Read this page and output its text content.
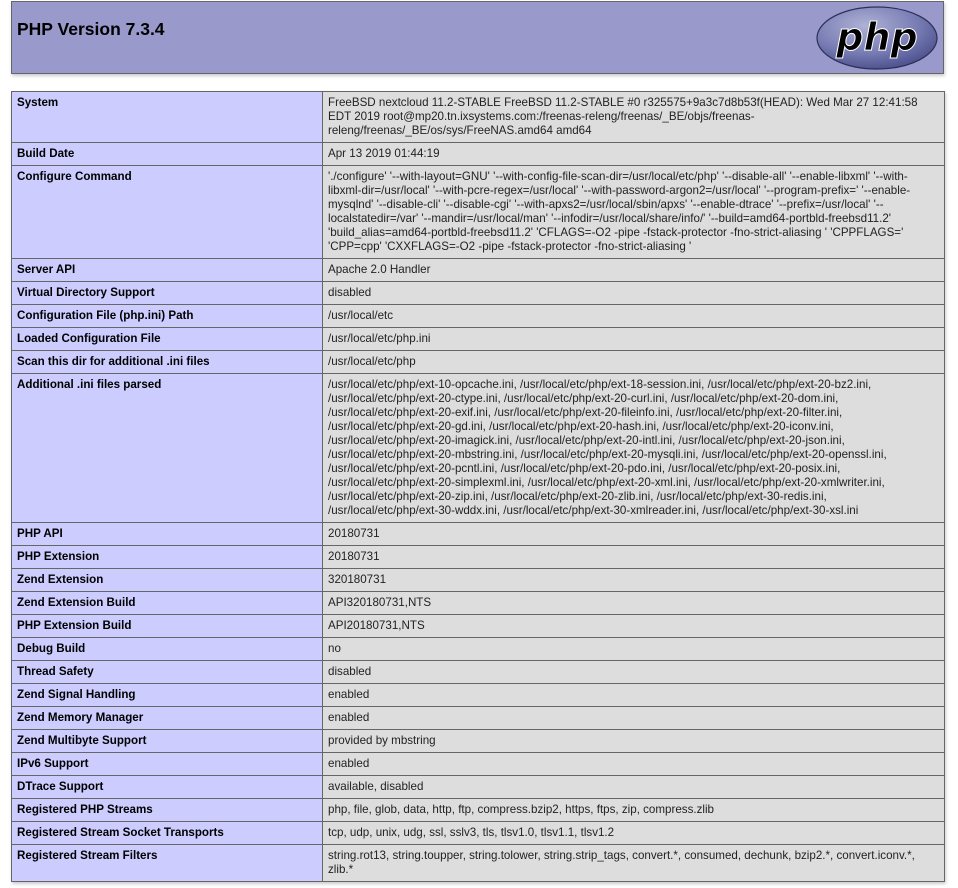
PHP Version 7.3.4	php
System	FreeBSD nextcloud 11.2-STABLE FreeBSD 11.2-STABLE #0 r325575+9a3c7d8b53f(HEAD): Wed Mar 27 12:41:58 EDT 2019 root@mp20.tn.ixsystems.com:/freenas-releng/freenas/_BE/objs/freenas-releng/freenas/_BE/os/sys/FreeNAS.amd64 amd64
Build Date	Apr 13 2019 01:44:19
Configure Command	'./configure' '--with-layout=GNU' '--with-config-file-scan-dir=/usr/local/etc/php' '--disable-all' '--enable-libxml' '--with-libxml-dir=/usr/local' '--with-pcre-regex=/usr/local' '--with-password-argon2=/usr/local' '--program-prefix=' '--enable-mysqlnd' '--disable-cli' '--disable-cgi' '--with-apxs2=/usr/local/sbin/apxs' '--enable-dtrace' '--prefix=/usr/local' '--localstatedir=/var' '--mandir=/usr/local/man' '--infodir=/usr/local/share/info/' '--build=amd64-portbld-freebsd11.2' 'build_alias=amd64-portbld-freebsd11.2' 'CFLAGS=-O2 -pipe -fstack-protector -fno-strict-aliasing ' 'CPPFLAGS=' 'CPP=cpp' 'CXXFLAGS=-O2 -pipe -fstack-protector -fno-strict-aliasing '
Server API	Apache 2.0 Handler
Virtual Directory Support	disabled
Configuration File (php.ini) Path	/usr/local/etc
Loaded Configuration File	/usr/local/etc/php.ini
Scan this dir for additional .ini files	/usr/local/etc/php
Additional .ini files parsed	/usr/local/etc/php/ext-10-opcache.ini, /usr/local/etc/php/ext-18-session.ini, /usr/local/etc/php/ext-20-bz2.ini, /usr/local/etc/php/ext-20-ctype.ini, /usr/local/etc/php/ext-20-curl.ini, /usr/local/etc/php/ext-20-dom.ini, /usr/local/etc/php/ext-20-exif.ini, /usr/local/etc/php/ext-20-fileinfo.ini, /usr/local/etc/php/ext-20-filter.ini, /usr/local/etc/php/ext-20-gd.ini, /usr/local/etc/php/ext-20-hash.ini, /usr/local/etc/php/ext-20-iconv.ini, /usr/local/etc/php/ext-20-imagick.ini, /usr/local/etc/php/ext-20-intl.ini, /usr/local/etc/php/ext-20-json.ini, /usr/local/etc/php/ext-20-mbstring.ini, /usr/local/etc/php/ext-20-mysqli.ini, /usr/local/etc/php/ext-20-openssl.ini, /usr/local/etc/php/ext-20-pcntl.ini, /usr/local/etc/php/ext-20-pdo.ini, /usr/local/etc/php/ext-20-posix.ini, /usr/local/etc/php/ext-20-simplexml.ini, /usr/local/etc/php/ext-20-xml.ini, /usr/local/etc/php/ext-20-xmlwriter.ini, /usr/local/etc/php/ext-20-zip.ini, /usr/local/etc/php/ext-20-zlib.ini, /usr/local/etc/php/ext-30-redis.ini, /usr/local/etc/php/ext-30-wddx.ini, /usr/local/etc/php/ext-30-xmlreader.ini, /usr/local/etc/php/ext-30-xsl.ini
PHP API	20180731
PHP Extension	20180731
Zend Extension	320180731
Zend Extension Build	API320180731,NTS
PHP Extension Build	API20180731,NTS
Debug Build	no
Thread Safety	disabled
Zend Signal Handling	enabled
Zend Memory Manager	enabled
Zend Multibyte Support	provided by mbstring
IPv6 Support	enabled
DTrace Support	available, disabled
Registered PHP Streams	php, file, glob, data, http, ftp, compress.bzip2, https, ftps, zip, compress.zlib
Registered Stream Socket Transports	tcp, udp, unix, udg, ssl, sslv3, tls, tlsv1.0, tlsv1.1, tlsv1.2
Registered Stream Filters	string.rot13, string.toupper, string.tolower, string.strip_tags, convert.*, consumed, dechunk, bzip2.*, convert.iconv.*, zlib.*
